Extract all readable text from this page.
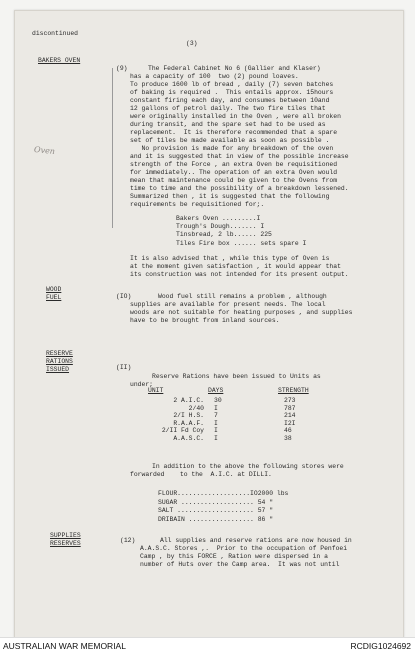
discontinued
(3)
BAKERS OVEN
Oven
WOOD
FUEL
RESERVE
RATIONS
ISSUED
SUPPLIES
RESERVES
(9)	The Federal Cabinet No 6 (Gallier and Klaser)
has a capacity of 100  two (2) pound loaves.
To produce 1600 lb of bread , daily (7) seven batches
of baking is required .  This entails approx. 15hours
constant firing each day, and consumes between 10and
12 gallons of petrol daily. The two fire tiles that
were originally installed in the Oven , were all broken
during transit, and the spare set had to be used as
replacement.  It is therefore recommended that a spare
set of tiles be made available as soon as possible .
No provision is made for any breakdown of the oven
and it is suggested that in view of the possible increase
strength of the Force , an extra Oven be requisitioned
for immediately.. The operation of an extra Oven would
mean that maintenance could be given to the Ovens from
time to time and the possibility of a breakdown lessened.
Summarized then , it is suggested that the following
requirements be requisitioned for;.
Bakers Oven .........I
Trough's Dough....... I
Tinsbread, 2 lb...... 225
Tiles Fire box ...... sets spare I
It is also advised that , while this type of Oven is
at the moment given satisfaction , it would appear that
its construction was not intended for its present output.
(IO)	Wood fuel still remains a problem , although
supplies are available for present needs. The local
woods are not suitable for heating purposes , and supplies
have to be brought from inland sources.
(II)
Reserve Rations have been issued to Units as
under;
UNIT	DAYS	STRENGTH
2 A.I.C.	30	273
2/40	I	787
2/I H.S.	7	214
R.A.A.F.	I	I2I
2/II Fd Coy	I	46
A.A.S.C.	I	38
In addition to the above the following stores were
forwarded    to the  A.I.C. at DILLI.
FLOUR...................IO2000 lbs
SUGAR ................... 54 "
SALT .................... 57 "
DRIBAIN ................. 86 "
(12)	All supplies and reserve rations are now housed in
A.A.S.C. Stores ,.  Prior to the occupation of Penfoei
Camp , by this FORCE , Ration were dispersed in a
number of Huts over the Camp area.  It was not until
AUSTRALIAN WAR MEMORIAL	RCDIG1024692
